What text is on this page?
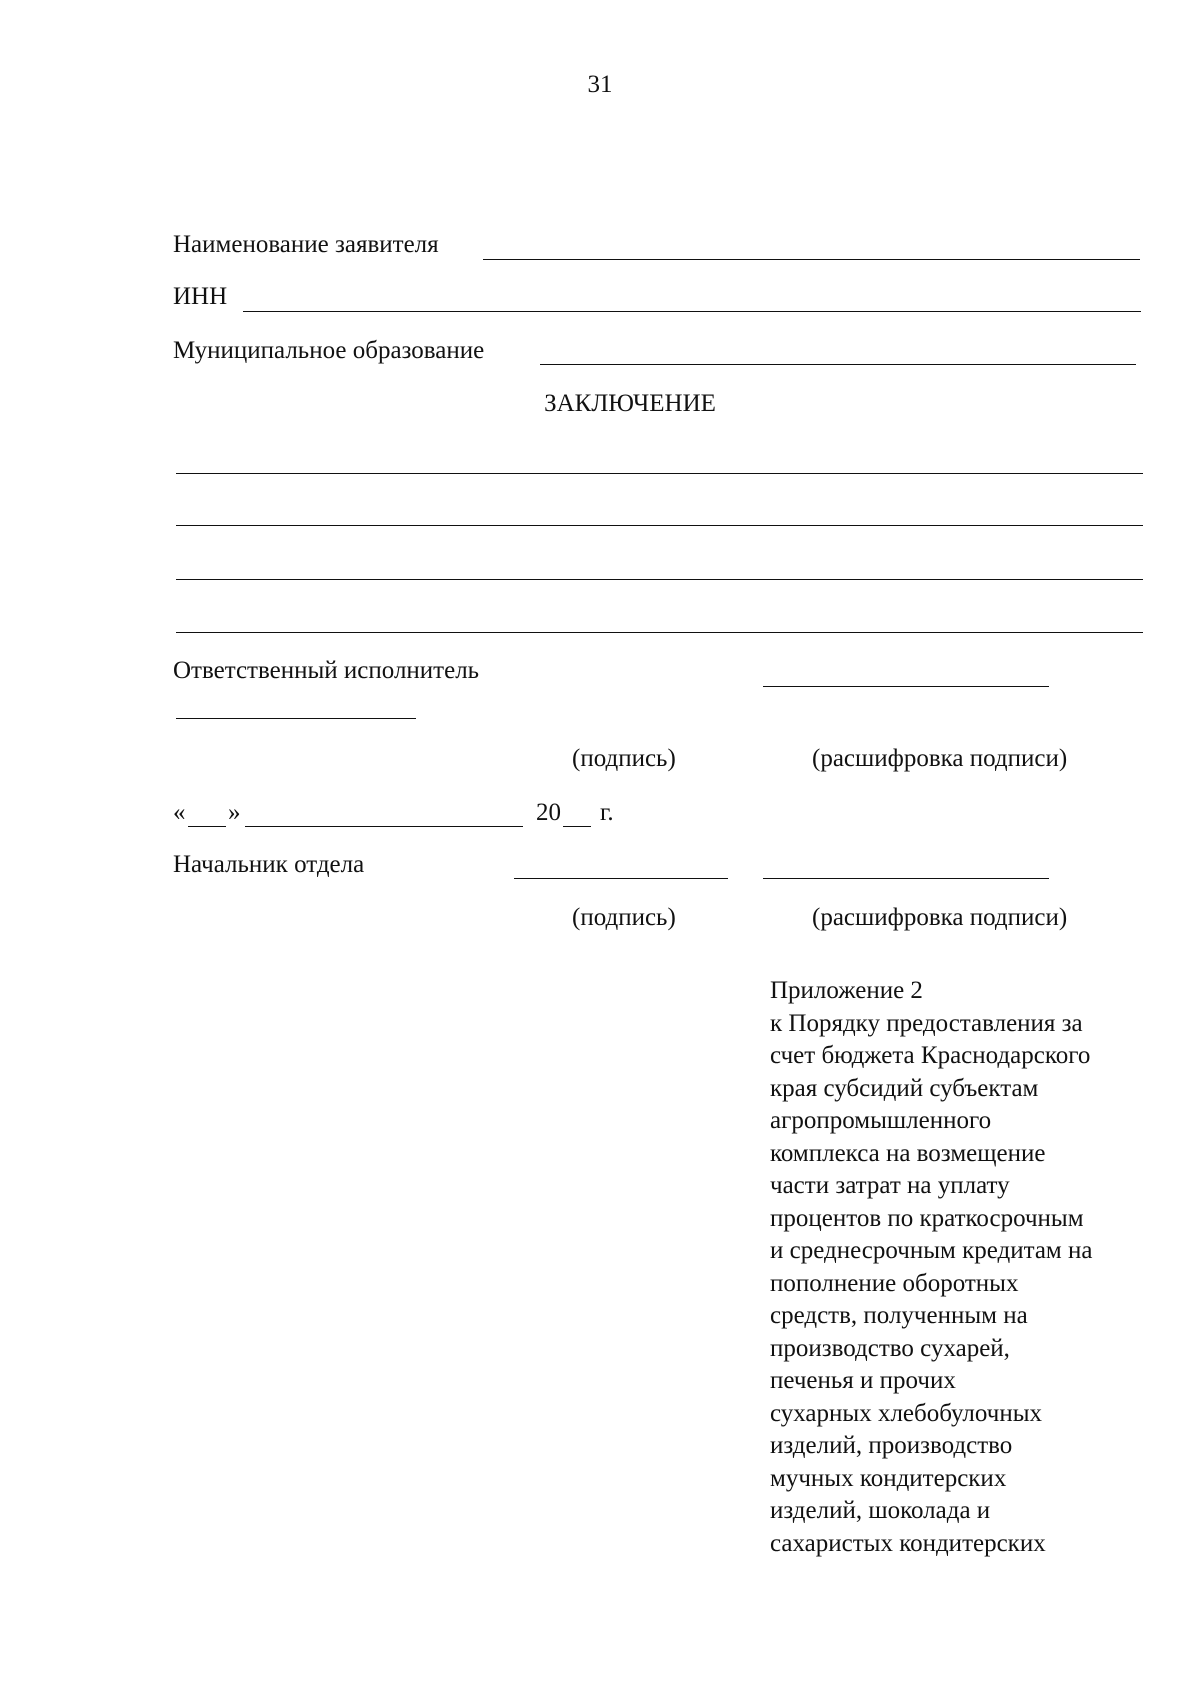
31
Наименование заявителя
ИНН
Муниципальное образование
ЗАКЛЮЧЕНИЕ
Ответственный исполнитель
(подпись)	(расшифровка подписи)
« »	20 г.
Начальник отдела
(подпись)	(расшифровка подписи)
Приложение 2
к Порядку предоставления за
счет бюджета Краснодарского
края субсидий субъектам
агропромышленного
комплекса на возмещение
части затрат на уплату
процентов по краткосрочным
и среднесрочным кредитам на
пополнение оборотных
средств, полученным на
производство сухарей,
печенья и прочих
сухарных хлебобулочных
изделий, производство
мучных кондитерских
изделий, шоколада и
сахаристых кондитерских
